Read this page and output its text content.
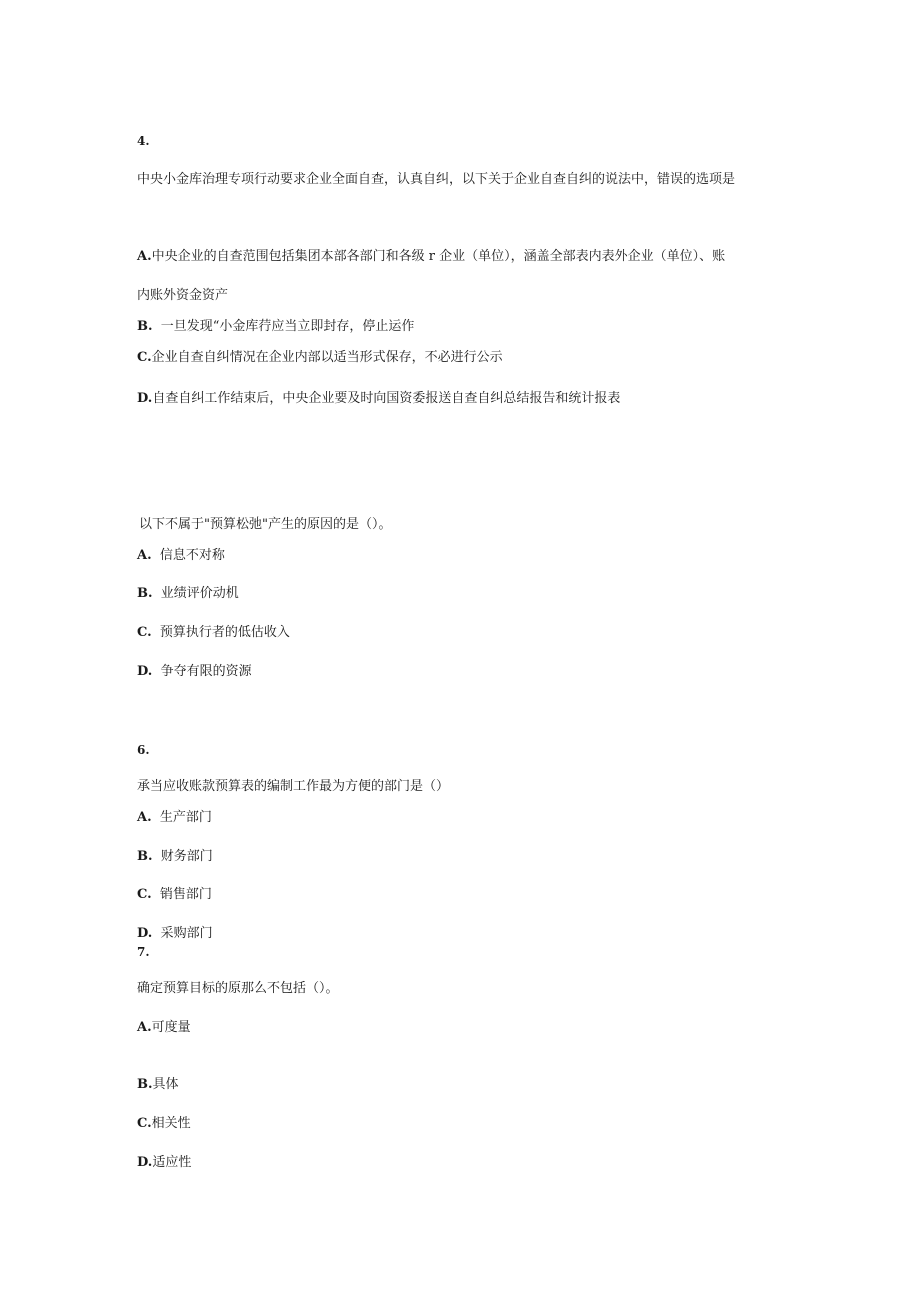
4.
中央小金库治理专项行动要求企业全面自查，认真自纠，以下关于企业自查自纠的说法中，错误的选项是
A.中央企业的自查范围包括集团本部各部门和各级 r 企业（单位），涵盖全部表内表外企业（单位）、账
内账外资金资产
B. 一旦发现“小金库荇应当立即封存，停止运作
C.企业自查自纠情况在企业内部以适当形式保存，不必进行公示
D.自查自纠工作结束后，中央企业要及时向国资委报送自查自纠总结报告和统计报表
以下不属于"预算松弛"产生的原因的是（）。
A. 信息不对称
B. 业绩评价动机
C. 预算执行者的低估收入
D. 争夺有限的资源
6.
承当应收账款预算表的编制工作最为方便的部门是（）
A. 生产部门
B. 财务部门
C. 销售部门
D. 采购部门
7.
确定预算目标的原那么不包括（）。
A.可度量
B.具体
C.相关性
D.适应性
